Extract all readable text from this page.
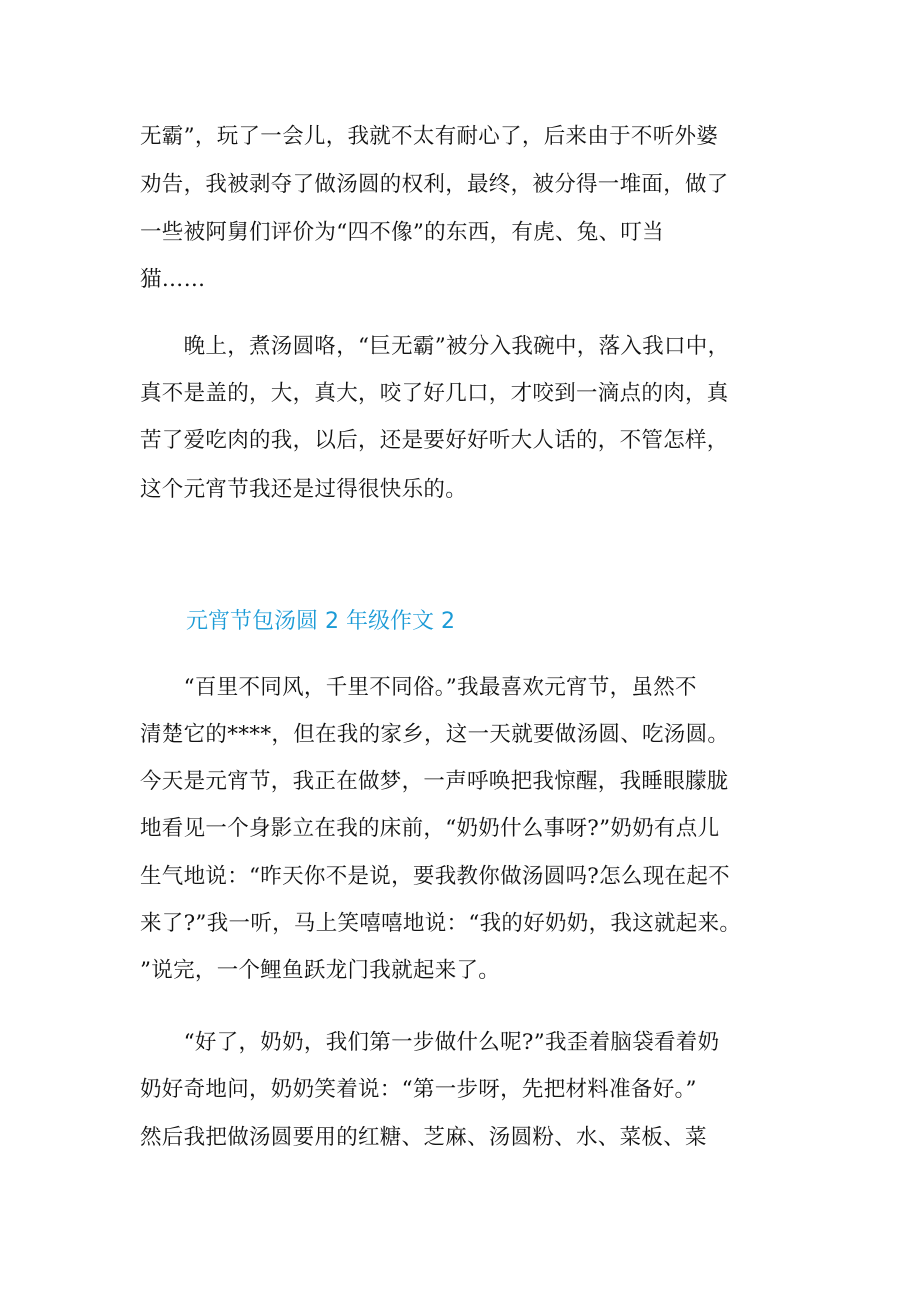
无霸”，玩了一会儿，我就不太有耐心了，后来由于不听外婆

劝告，我被剥夺了做汤圆的权利，最终，被分得一堆面，做了

一些被阿舅们评价为“四不像”的东西，有虎、兔、叮当

猫……

　　晚上，煮汤圆咯，“巨无霸”被分入我碗中，落入我口中，

真不是盖的，大，真大，咬了好几口，才咬到一滴点的肉，真

苦了爱吃肉的我，以后，还是要好好听大人话的，不管怎样，

这个元宵节我还是过得很快乐的。

元宵节包汤圆 2 年级作文 2

　　“百里不同风，千里不同俗。”我最喜欢元宵节，虽然不

清楚它的****，但在我的家乡，这一天就要做汤圆、吃汤圆。

今天是元宵节，我正在做梦，一声呼唤把我惊醒，我睡眼朦胧

地看见一个身影立在我的床前，“奶奶什么事呀?”奶奶有点儿

生气地说：“昨天你不是说，要我教你做汤圆吗?怎么现在起不

来了?”我一听，马上笑嘻嘻地说：“我的好奶奶，我这就起来。

”说完，一个鲤鱼跃龙门我就起来了。

　　“好了，奶奶，我们第一步做什么呢?”我歪着脑袋看着奶

奶好奇地问，奶奶笑着说：“第一步呀，先把材料准备好。”

然后我把做汤圆要用的红糖、芝麻、汤圆粉、水、菜板、菜
